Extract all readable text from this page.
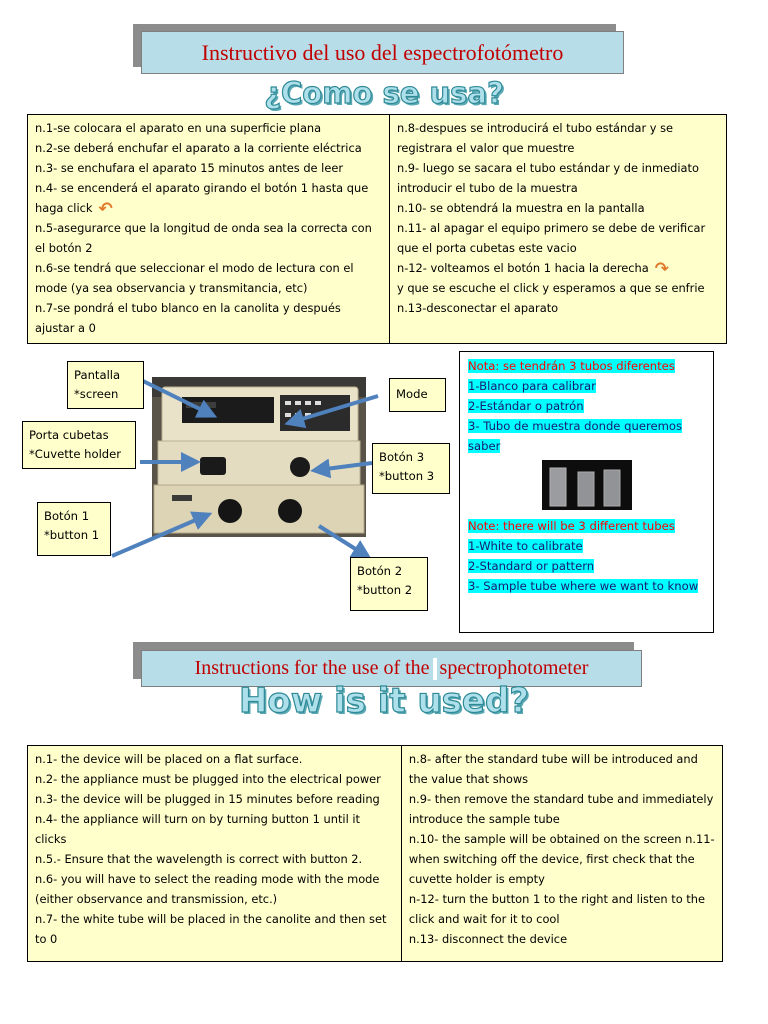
Instructivo del uso del espectrofotómetro
¿Como se usa?

n.1-se colocara el aparato en una superficie plana

n.2-se deberá enchufar el aparato a la corriente eléctrica

n.3- se enchufara el aparato 15 minutos antes de leer

n.4- se encenderá el aparato girando el botón 1 hasta que haga click ↶

n.5-asegurarce que la longitud de onda sea la correcta con el botón 2

n.6-se tendrá que seleccionar el modo de lectura con el mode (ya sea observancia y transmitancia, etc)

n.7-se pondrá el tubo blanco en la canolita y después ajustar a 0

n.8-despues se introducirá el tubo estándar y se registrara el valor que muestre

n.9- luego se sacara el tubo estándar y de inmediato introducir el tubo de la muestra

n.10- se obtendrá la muestra en la pantalla

n.11- al apagar el equipo primero se debe de verificar que el porta cubetas este vacio

n-12- volteamos el botón 1 hacia la derecha ↷

y que se escuche el click y esperamos a que se enfrie

n.13-desconectar el aparato

Pantalla
*screen	Mode
Porta cubetas
*Cuvette holder	Botón 3
*button 3
Botón 1
*button 1
Botón 2
*button 2
Nota: se tendrán 3 tubos diferentes
1-Blanco para calibrar
2-Estándar o patrón
3- Tubo de muestra donde queremos saber
Note: there will be 3 different tubes
1-White to calibrate
2-Standard or pattern
3- Sample tube where we want to know
Instructions for the use of the spectrophotometer
How is it used?

n.1- the device will be placed on a flat surface.

n.2- the appliance must be plugged into the electrical power

n.3- the device will be plugged in 15 minutes before reading

n.4- the appliance will turn on by turning button 1 until it clicks

n.5.- Ensure that the wavelength is correct with button 2.

n.6- you will have to select the reading mode with the mode (either observance and transmission, etc.)

n.7- the white tube will be placed in the canolite and then set to 0

n.8- after the standard tube will be introduced and the value that shows

n.9- then remove the standard tube and immediately introduce the sample tube

n.10- the sample will be obtained on the screen n.11- when switching off the device, first check that the cuvette holder is empty

n-12- turn the button 1 to the right and listen to the click and wait for it to cool

n.13- disconnect the device
